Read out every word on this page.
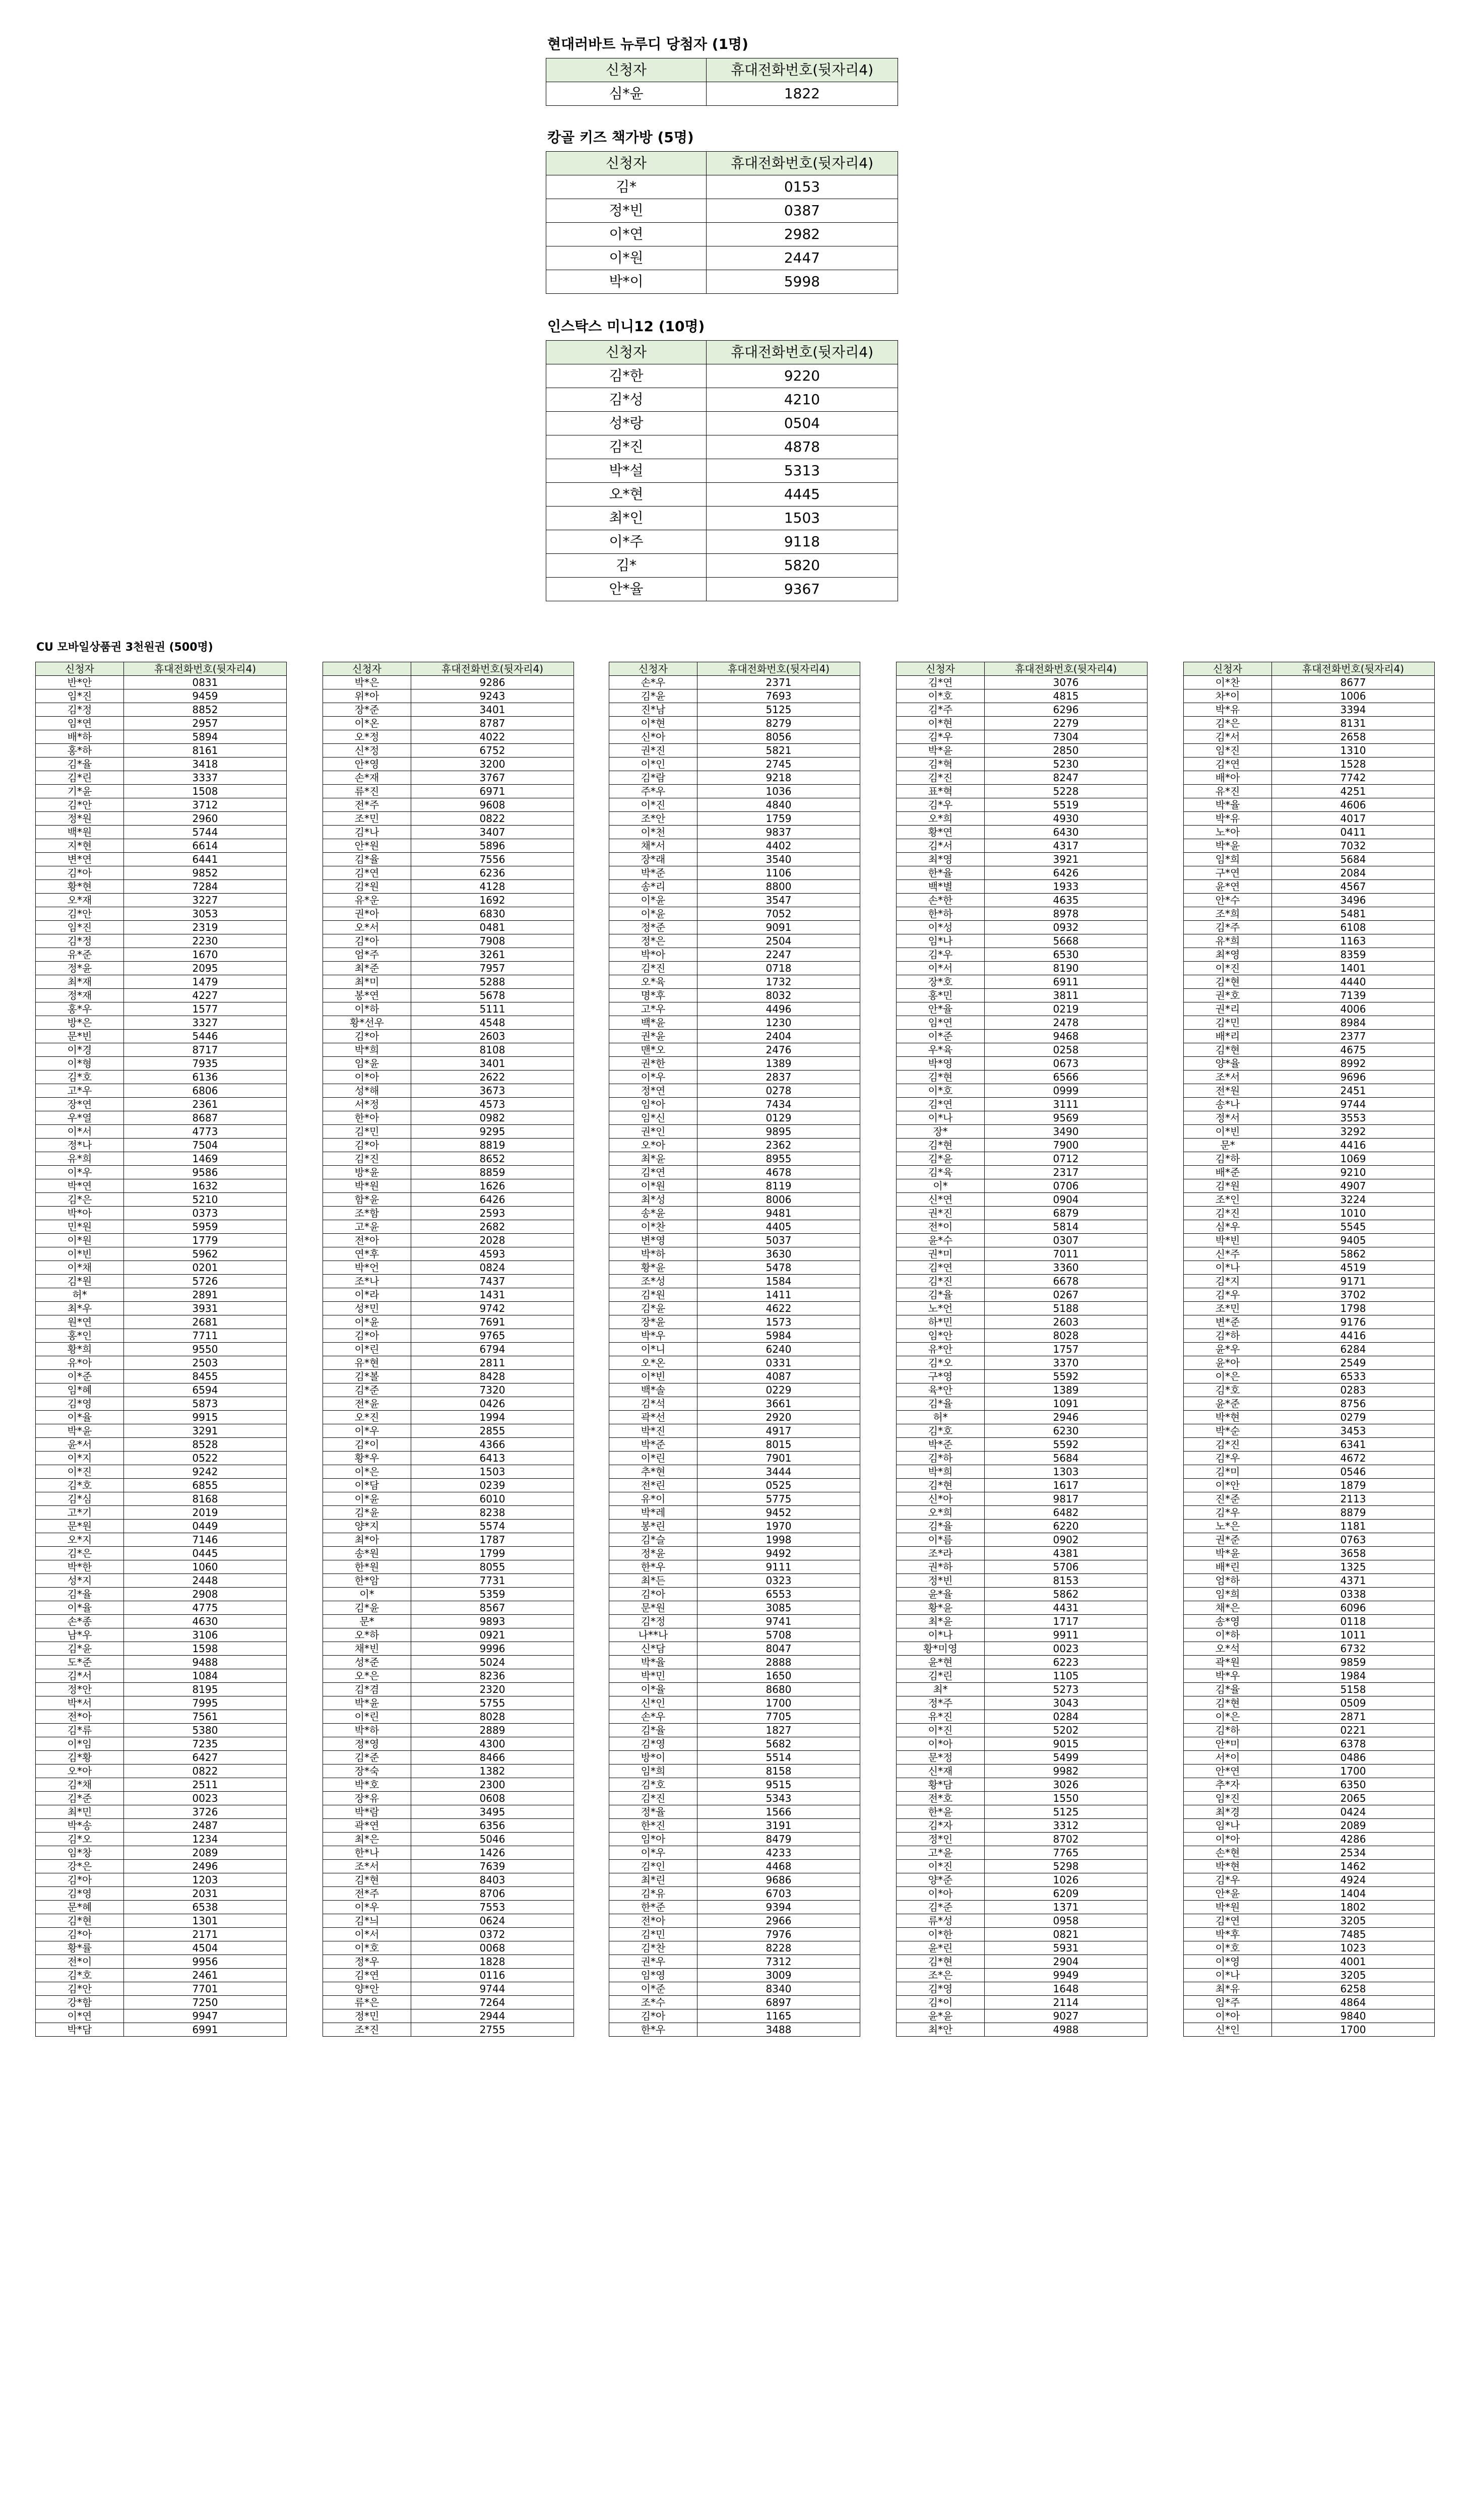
현대러바트 뉴루디 당첨자 (1명)
신청자	휴대전화번호(뒷자리4)
심*윤	1822
캉골 키즈 책가방 (5명)
신청자	휴대전화번호(뒷자리4)
김*	0153
정*빈	0387
이*연	2982
이*원	2447
박*이	5998
인스탁스 미니12 (10명)
신청자	휴대전화번호(뒷자리4)
김*한	9220
김*성	4210
성*랑	0504
김*진	4878
박*설	5313
오*현	4445
최*인	1503
이*주	9118
김*	5820
안*율	9367
CU 모바일상품권 3천원권 (500명)
신청자	휴대전화번호(뒷자리4)
반*안	0831
임*진	9459
김*정	8852
임*연	2957
배*하	5894
홍*하	8161
김*율	3418
김*린	3337
기*윤	1508
김*안	3712
정*원	2960
백*원	5744
지*현	6614
변*연	6441
김*아	9852
황*현	7284
오*재	3227
김*안	3053
임*진	2319
김*정	2230
유*준	1670
정*윤	2095
최*재	1479
정*재	4227
홍*우	1577
방*은	3327
문*빈	5446
이*경	8717
이*형	7935
김*호	6136
고*우	6806
장*연	2361
우*열	8687
이*서	4773
정*나	7504
유*희	1469
이*우	9586
박*연	1632
김*은	5210
박*아	0373
민*원	5959
이*원	1779
이*빈	5962
이*채	0201
김*원	5726
허*	2891
최*우	3931
원*연	2681
홍*인	7711
황*희	9550
유*아	2503
이*준	8455
임*혜	6594
김*영	5873
이*율	9915
박*윤	3291
윤*서	8528
이*지	0522
이*진	9242
김*호	6855
김*심	8168
고*기	2019
문*원	0449
오*지	7146
김*은	0445
박*한	1060
성*지	2448
김*율	2908
이*율	4775
손*종	4630
남*우	3106
김*윤	1598
도*준	9488
김*서	1084
정*안	8195
박*서	7995
전*아	7561
김*류	5380
이*임	7235
김*황	6427
오*아	0822
김*채	2511
김*준	0023
최*민	3726
박*송	2487
김*오	1234
임*창	2089
강*은	2496
김*아	1203
김*영	2031
문*혜	6538
김*현	1301
김*아	2171
황*률	4504
전*이	9956
김*호	2461
김*안	7701
강*함	7250
이*연	9947
박*담	6991
신청자	휴대전화번호(뒷자리4)
박*은	9286
위*아	9243
장*준	3401
이*온	8787
오*정	4022
신*정	6752
안*영	3200
손*재	3767
류*진	6971
전*주	9608
조*민	0822
김*나	3407
안*원	5896
김*율	7556
김*연	6236
김*원	4128
유*운	1692
권*아	6830
오*서	0481
김*아	7908
엄*주	3261
최*준	7957
최*미	5288
봉*연	5678
이*하	5111
황*선우	4548
김*아	2603
박*희	8108
임*윤	3401
이*아	2622
성*해	3673
서*정	4573
한*아	0982
김*민	9295
김*아	8819
김*진	8652
방*윤	8859
박*원	1626
함*윤	6426
조*함	2593
고*윤	2682
전*아	2028
연*후	4593
박*언	0824
조*나	7437
이*라	1431
성*민	9742
이*윤	7691
김*아	9765
이*린	6794
유*현	2811
김*볼	8428
김*준	7320
전*윤	0426
오*진	1994
이*우	2855
김*이	4366
황*우	6413
이*은	1503
이*담	0239
이*윤	6010
김*윤	8238
양*지	5574
최*아	1787
송*원	1799
한*원	8055
한*암	7731
이*	5359
김*윤	8567
문*	9893
오*하	0921
채*빈	9996
성*준	5024
오*은	8236
김*겸	2320
박*윤	5755
이*린	8028
박*하	2889
정*영	4300
김*준	8466
장*숙	1382
박*호	2300
장*유	0608
박*람	3495
곽*연	6356
최*은	5046
한*나	1426
조*서	7639
김*현	8403
전*주	8706
이*우	7553
김*늬	0624
이*서	0372
이*호	0068
정*우	1828
김*연	0116
양*안	9744
류*은	7264
정*민	2944
조*진	2755
신청자	휴대전화번호(뒷자리4)
손*우	2371
김*윤	7693
진*남	5125
이*현	8279
신*아	8056
권*진	5821
이*인	2745
김*람	9218
주*우	1036
이*진	4840
조*안	1759
이*천	9837
채*서	4402
장*래	3540
박*준	1106
송*리	8800
이*윤	3547
이*윤	7052
정*준	9091
정*은	2504
박*아	2247
김*진	0718
오*육	1732
명*후	8032
고*우	4496
백*윤	1230
권*윤	2404
맨*오	2476
권*한	1389
이*우	2837
정*연	0278
임*아	7434
임*신	0129
권*인	9895
오*아	2362
최*윤	8955
김*연	4678
이*원	8119
최*성	8006
송*윤	9481
이*찬	4405
변*영	5037
박*하	3630
황*윤	5478
조*성	1584
김*원	1411
김*윤	4622
장*윤	1573
박*우	5984
이*니	6240
오*온	0331
이*빈	4087
백*솔	0229
김*석	3661
곽*선	2920
박*진	4917
박*준	8015
이*린	7901
추*현	3444
전*린	0525
유*이	5775
박*레	9452
봉*린	1970
김*슬	1998
정*윤	9492
한*우	9111
최*든	0323
김*아	6553
문*원	3085
김*정	9741
나**나	5708
신*담	8047
박*율	2888
박*민	1650
이*율	8680
신*인	1700
손*우	7705
김*율	1827
김*영	5682
방*이	5514
임*희	8158
김*호	9515
김*진	5343
정*율	1566
한*진	3191
임*아	8479
이*우	4233
김*인	4468
최*린	9686
김*유	6703
한*준	9394
전*아	2966
김*민	7976
김*찬	8228
권*우	7312
임*영	3009
이*준	8340
조*수	6897
김*아	1165
한*우	3488
신청자	휴대전화번호(뒷자리4)
김*연	3076
이*호	4815
김*주	6296
이*현	2279
김*우	7304
박*윤	2850
김*혁	5230
김*진	8247
표*혁	5228
김*우	5519
오*희	4930
황*연	6430
김*서	4317
최*영	3921
한*율	6426
백*별	1933
손*한	4635
한*하	8978
이*성	0932
임*나	5668
김*우	6530
이*서	8190
장*호	6911
홍*민	3811
안*율	0219
임*연	2478
이*준	9468
우*육	0258
박*영	0673
김*현	6566
이*호	0999
김*연	3111
이*나	9569
장*	3490
김*현	7900
김*윤	0712
김*육	2317
이*	0706
신*연	0904
권*진	6879
전*이	5814
윤*수	0307
권*미	7011
김*연	3360
김*진	6678
김*율	0267
노*언	5188
하*민	2603
임*안	8028
유*안	1757
김*오	3370
구*영	5592
육*안	1389
김*율	1091
허*	2946
김*호	6230
박*준	5592
김*하	5684
박*희	1303
김*현	1617
신*아	9817
오*희	6482
김*율	6220
이*름	0902
조*라	4381
권*하	5706
정*빈	8153
윤*율	5862
황*윤	4431
최*윤	1717
이*나	9911
황*미영	0023
윤*현	6223
김*린	1105
최*	5273
정*주	3043
유*진	0284
이*진	5202
이*아	9015
문*정	5499
신*재	9982
황*담	3026
전*호	1550
한*윤	5125
김*자	3312
정*인	8702
고*윤	7765
이*진	5298
양*준	1026
이*아	6209
김*준	1371
류*성	0958
이*한	0821
윤*린	5931
김*현	2904
조*은	9949
김*영	1648
김*이	2114
윤*윤	9027
최*안	4988
신청자	휴대전화번호(뒷자리4)
이*찬	8677
차*이	1006
박*유	3394
김*은	8131
김*서	2658
임*진	1310
김*연	1528
배*아	7742
유*진	4251
박*율	4606
박*유	4017
노*아	0411
박*윤	7032
임*희	5684
구*연	2084
윤*연	4567
안*수	3496
조*희	5481
김*주	6108
유*희	1163
최*영	8359
이*진	1401
김*현	4440
권*호	7139
권*리	4006
김*민	8984
배*리	2377
김*현	4675
양*율	8992
조*서	9696
전*원	2451
송*나	9744
정*서	3553
이*빈	3292
문*	4416
김*하	1069
배*준	9210
김*원	4907
조*인	3224
김*진	1010
심*우	5545
박*빈	9405
신*주	5862
이*나	4519
김*지	9171
김*우	3702
조*민	1798
변*준	9176
김*하	4416
윤*우	6284
윤*아	2549
이*은	6533
김*호	0283
윤*준	8756
박*현	0279
박*순	3453
김*진	6341
김*우	4672
김*미	0546
이*안	1879
진*준	2113
김*우	8879
노*은	1181
권*준	0763
박*윤	3658
배*린	1325
엄*하	4371
임*희	0338
채*은	6096
송*영	0118
이*하	1011
오*석	6732
곽*원	9859
박*우	1984
김*율	5158
김*현	0509
이*은	2871
김*하	0221
안*미	6378
서*이	0486
안*연	1700
추*자	6350
임*진	2065
최*경	0424
임*나	2089
이*아	4286
손*현	2534
박*현	1462
김*우	4924
안*윤	1404
박*원	1802
김*연	3205
박*후	7485
이*호	1023
이*영	4001
이*나	3205
최*유	6258
임*주	4864
이*아	9840
신*인	1700
